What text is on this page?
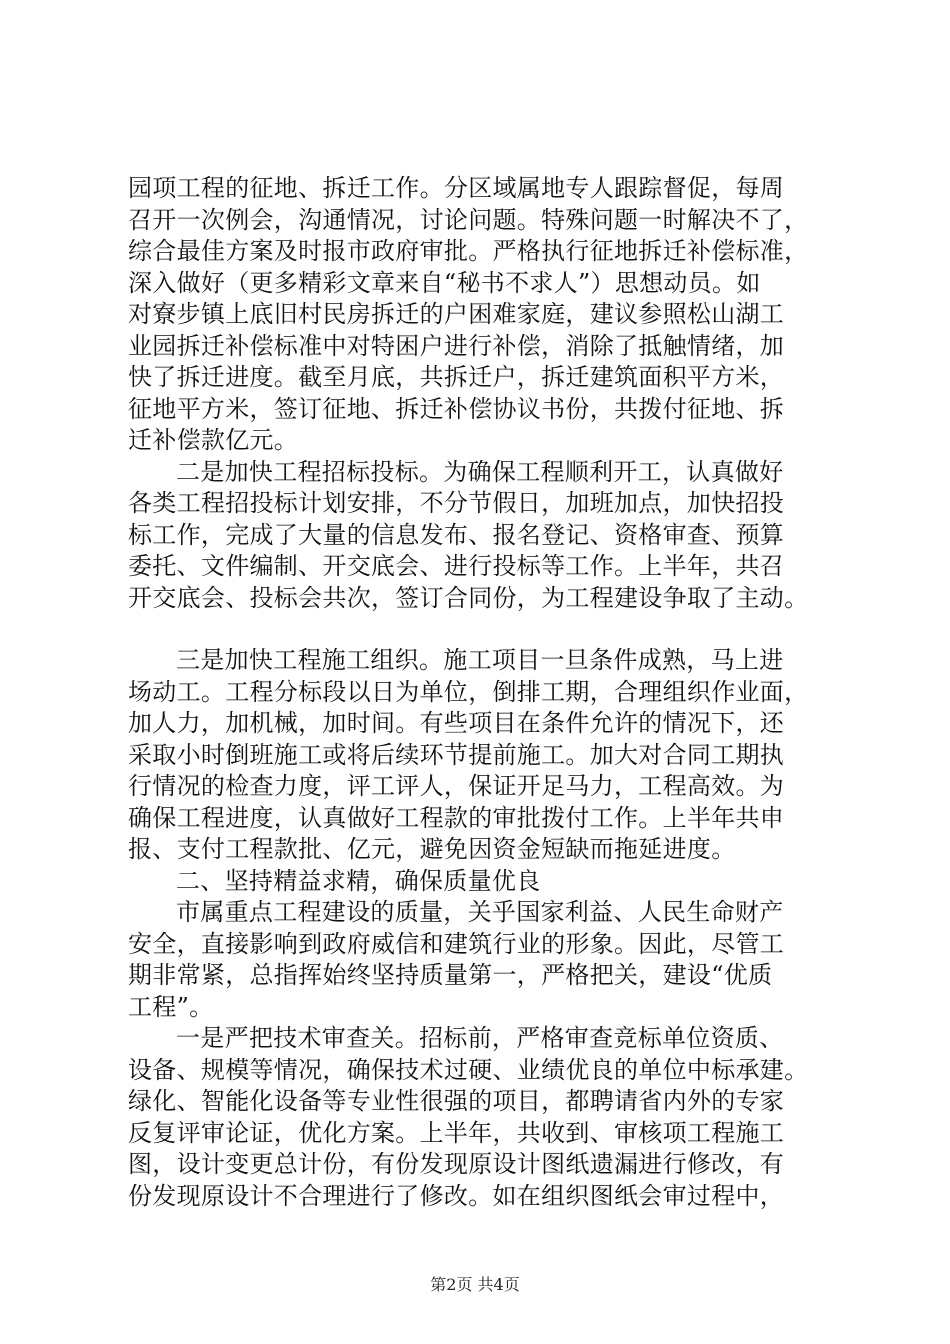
园项工程的征地、拆迁工作。分区域属地专人跟踪督促，每周

召开一次例会，沟通情况，讨论问题。特殊问题一时解决不了，

综合最佳方案及时报市政府审批。严格执行征地拆迁补偿标准，

深入做好（更多精彩文章来自“秘书不求人”）思想动员。如

对寮步镇上底旧村民房拆迁的户困难家庭，建议参照松山湖工

业园拆迁补偿标准中对特困户进行补偿，消除了抵触情绪，加

快了拆迁进度。截至月底，共拆迁户，拆迁建筑面积平方米，

征地平方米，签订征地、拆迁补偿协议书份，共拨付征地、拆

迁补偿款亿元。

二是加快工程招标投标。为确保工程顺利开工，认真做好

各类工程招投标计划安排，不分节假日，加班加点，加快招投

标工作，完成了大量的信息发布、报名登记、资格审查、预算

委托、文件编制、开交底会、进行投标等工作。上半年，共召

开交底会、投标会共次，签订合同份，为工程建设争取了主动。

三是加快工程施工组织。施工项目一旦条件成熟，马上进

场动工。工程分标段以日为单位，倒排工期，合理组织作业面，

加人力，加机械，加时间。有些项目在条件允许的情况下，还

采取小时倒班施工或将后续环节提前施工。加大对合同工期执

行情况的检查力度，评工评人，保证开足马力，工程高效。为

确保工程进度，认真做好工程款的审批拨付工作。上半年共申

报、支付工程款批、亿元，避免因资金短缺而拖延进度。

二、坚持精益求精，确保质量优良

市属重点工程建设的质量，关乎国家利益、人民生命财产

安全，直接影响到政府威信和建筑行业的形象。因此，尽管工

期非常紧，总指挥始终坚持质量第一，严格把关，建设“优质

工程”。

一是严把技术审查关。招标前，严格审查竞标单位资质、

设备、规模等情况，确保技术过硬、业绩优良的单位中标承建。

绿化、智能化设备等专业性很强的项目，都聘请省内外的专家

反复评审论证，优化方案。上半年，共收到、审核项工程施工

图，设计变更总计份，有份发现原设计图纸遗漏进行修改，有

份发现原设计不合理进行了修改。如在组织图纸会审过程中，

第2页 共4页
